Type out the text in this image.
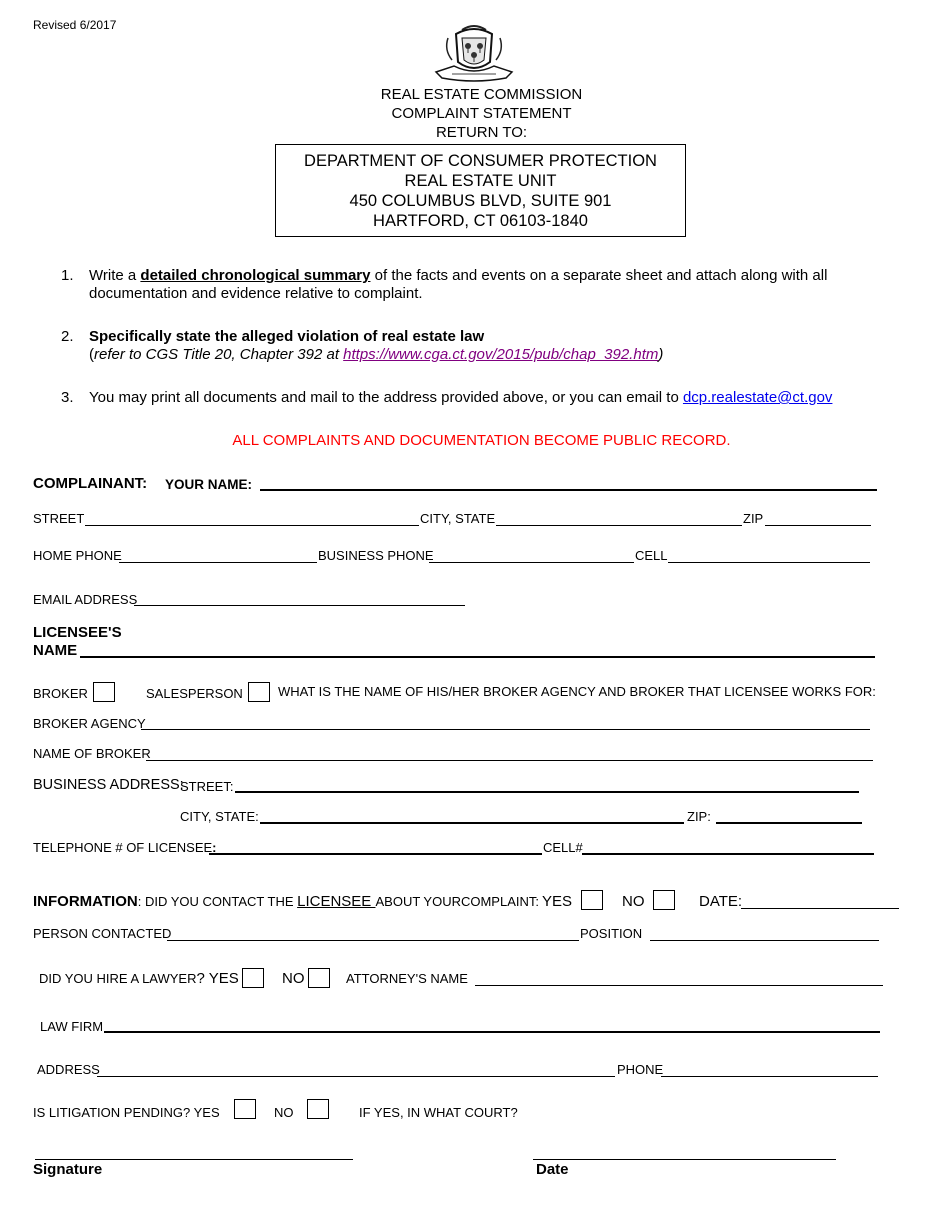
Revised 6/2017
REAL ESTATE COMMISSION
COMPLAINT STATEMENT
RETURN TO:
DEPARTMENT OF CONSUMER PROTECTION
REAL ESTATE UNIT
450 COLUMBUS BLVD, SUITE 901
HARTFORD, CT 06103-1840
1. Write a detailed chronological summary of the facts and events on a separate sheet and attach along with all
documentation and evidence relative to complaint.
2. Specifically state the alleged violation of real estate law
(refer to CGS Title 20, Chapter 392 at https://www.cga.ct.gov/2015/pub/chap_392.htm)
3. You may print all documents and mail to the address provided above, or you can email to dcp.realestate@ct.gov
ALL COMPLAINTS AND DOCUMENTATION BECOME PUBLIC RECORD.
COMPLAINANT: YOUR NAME:
STREET	CITY, STATE	ZIP
HOME PHONE	BUSINESS PHONE	CELL
EMAIL ADDRESS
LICENSEE'S
NAME
BROKER	SALESPERSON	WHAT IS THE NAME OF HIS/HER BROKER AGENCY AND BROKER THAT LICENSEE WORKS FOR:
BROKER AGENCY
NAME OF BROKER
BUSINESS ADDRESS:
STREET:
CITY, STATE:	ZIP:
TELEPHONE # OF LICENSEE:	CELL#
INFORMATION: DID YOU CONTACT THE LICENSEE ABOUT YOURCOMPLAINT: YES	NO	DATE:
PERSON CONTACTED	POSITION
DID YOU HIRE A LAWYER? YES	NO	ATTORNEY'S NAME
LAW FIRM
ADDRESS	PHONE
IS LITIGATION PENDING? YES	NO	IF YES, IN WHAT COURT?
Signature	Date
